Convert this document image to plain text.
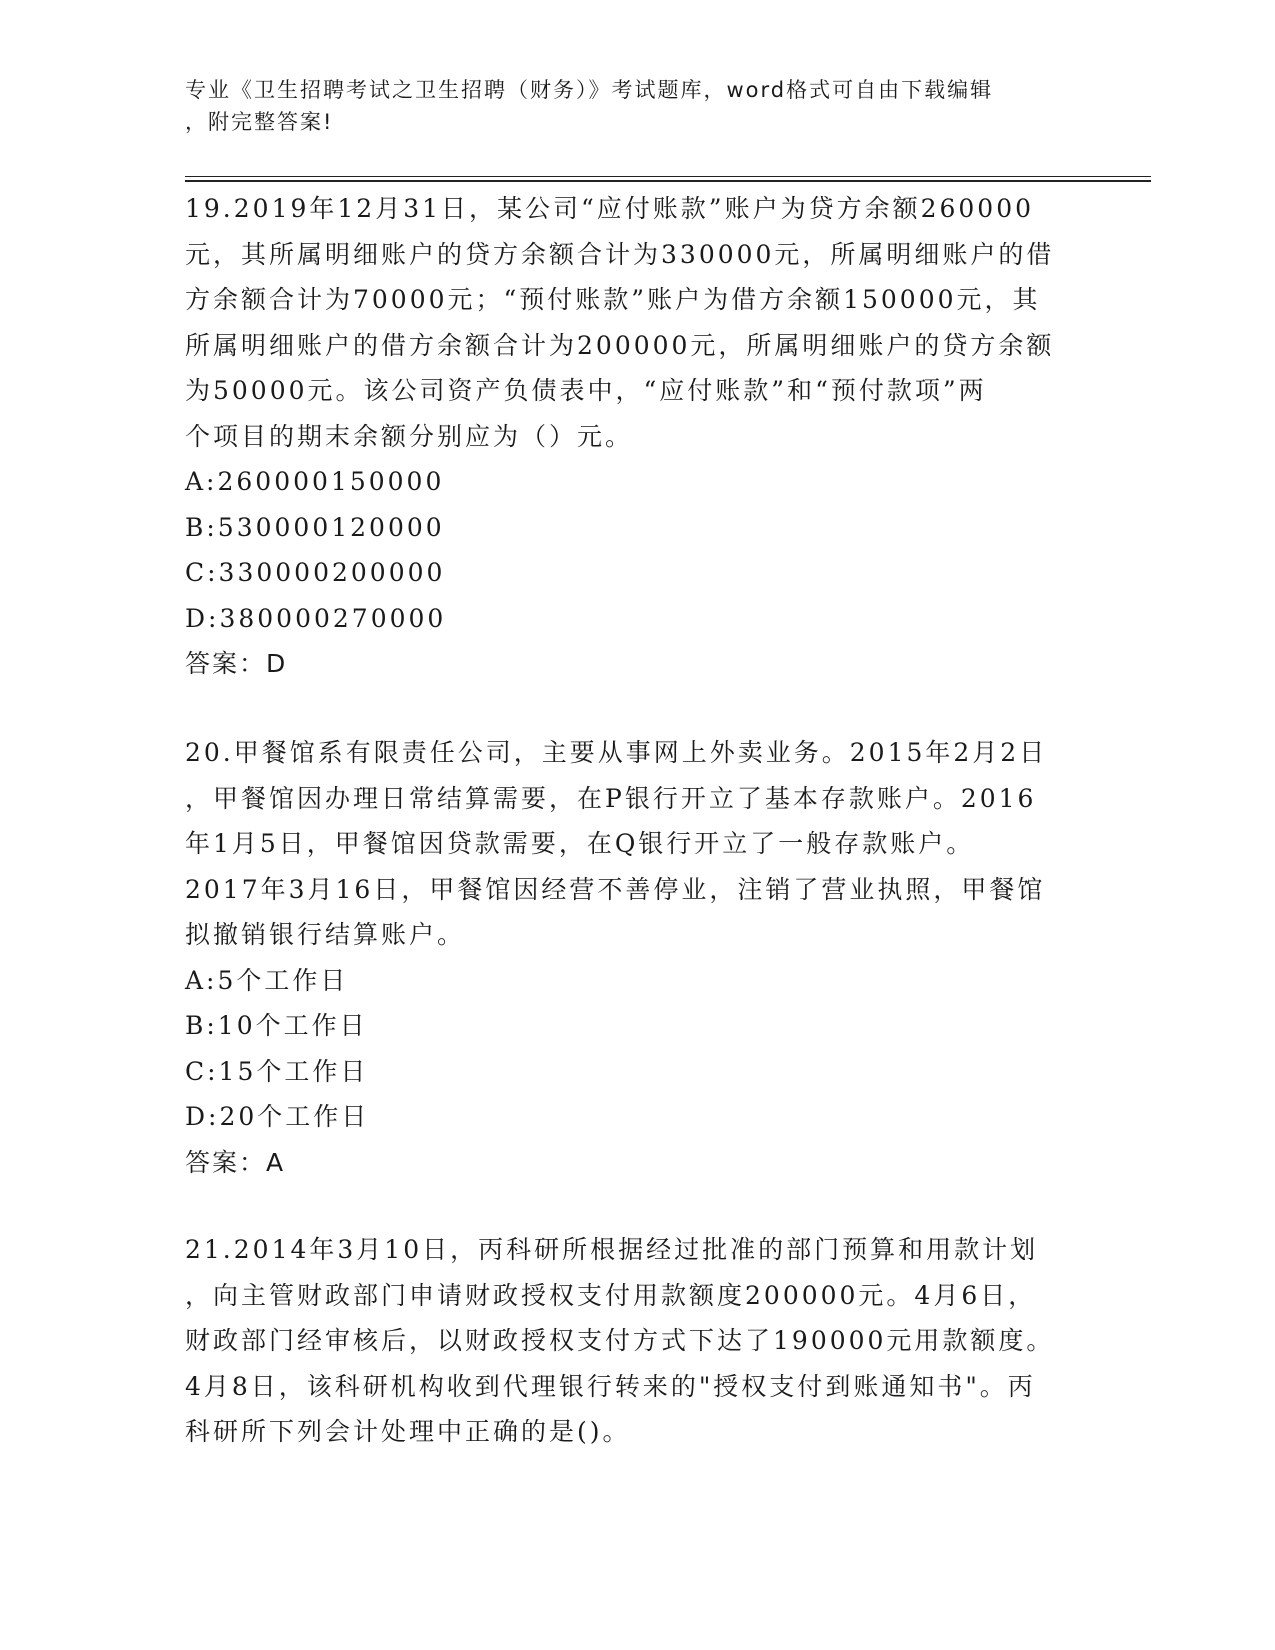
专业《卫生招聘考试之卫生招聘（财务）》考试题库，word格式可自由下载编辑
，附完整答案!
19.2019年12月31日，某公司“应付账款”账户为贷方余额260000
元，其所属明细账户的贷方余额合计为330000元，所属明细账户的借
方余额合计为70000元；“预付账款”账户为借方余额150000元，其
所属明细账户的借方余额合计为200000元，所属明细账户的贷方余额
为50000元。该公司资产负债表中，“应付账款”和“预付款项”两
个项目的期末余额分别应为（）元。
A:260000150000
B:530000120000
C:330000200000
D:380000270000
答案：D
20.甲餐馆系有限责任公司，主要从事网上外卖业务。2015年2月2日
，甲餐馆因办理日常结算需要，在P银行开立了基本存款账户。2016
年1月5日，甲餐馆因贷款需要，在Q银行开立了一般存款账户。
2017年3月16日，甲餐馆因经营不善停业，注销了营业执照，甲餐馆
拟撤销银行结算账户。
A:5个工作日
B:10个工作日
C:15个工作日
D:20个工作日
答案：A
21.2014年3月10日，丙科研所根据经过批准的部门预算和用款计划
，向主管财政部门申请财政授权支付用款额度200000元。4月6日，
财政部门经审核后，以财政授权支付方式下达了190000元用款额度。
4月8日，该科研机构收到代理银行转来的"授权支付到账通知书"。丙
科研所下列会计处理中正确的是()。
